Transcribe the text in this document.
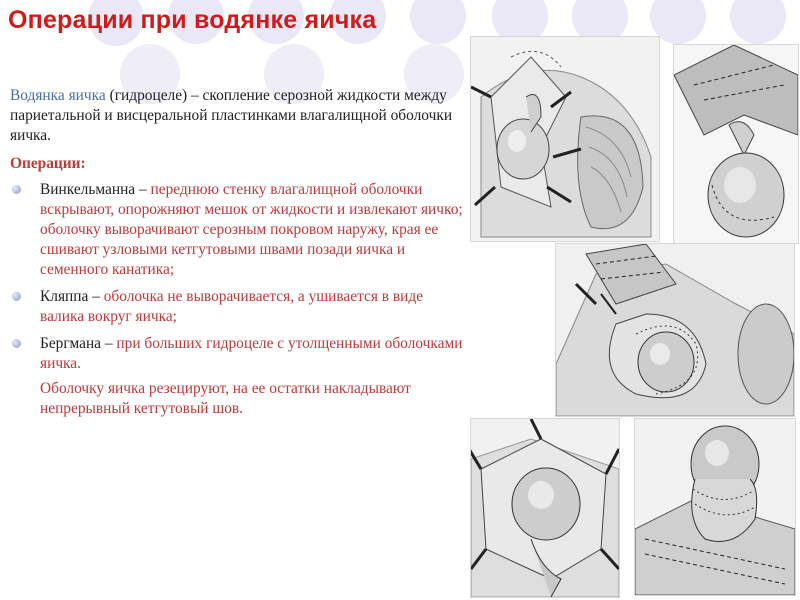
Операции при водянке яичка
Водянка яичка (гидроцеле) – скопление серозной жидкости между париетальной и висцеральной пластинками влагалищной оболочки яичка.
Операции:
Винкельманна – переднюю стенку влагалищной оболочки вскрывают, опорожняют мешок от жидкости и извлекают яичко; оболочку выворачивают серозным покровом наружу, края ее сшивают узловыми кетгутовыми швами позади яичка и семенного канатика;
Кляппа – оболочка не выворачивается, а ушивается в виде валика вокруг яичка;
Бергмана – при больших гидроцеле с утолщенными оболочками яичка.
Оболочку яичка резецируют, на ее остатки накладывают непрерывный кетгутовый шов.
